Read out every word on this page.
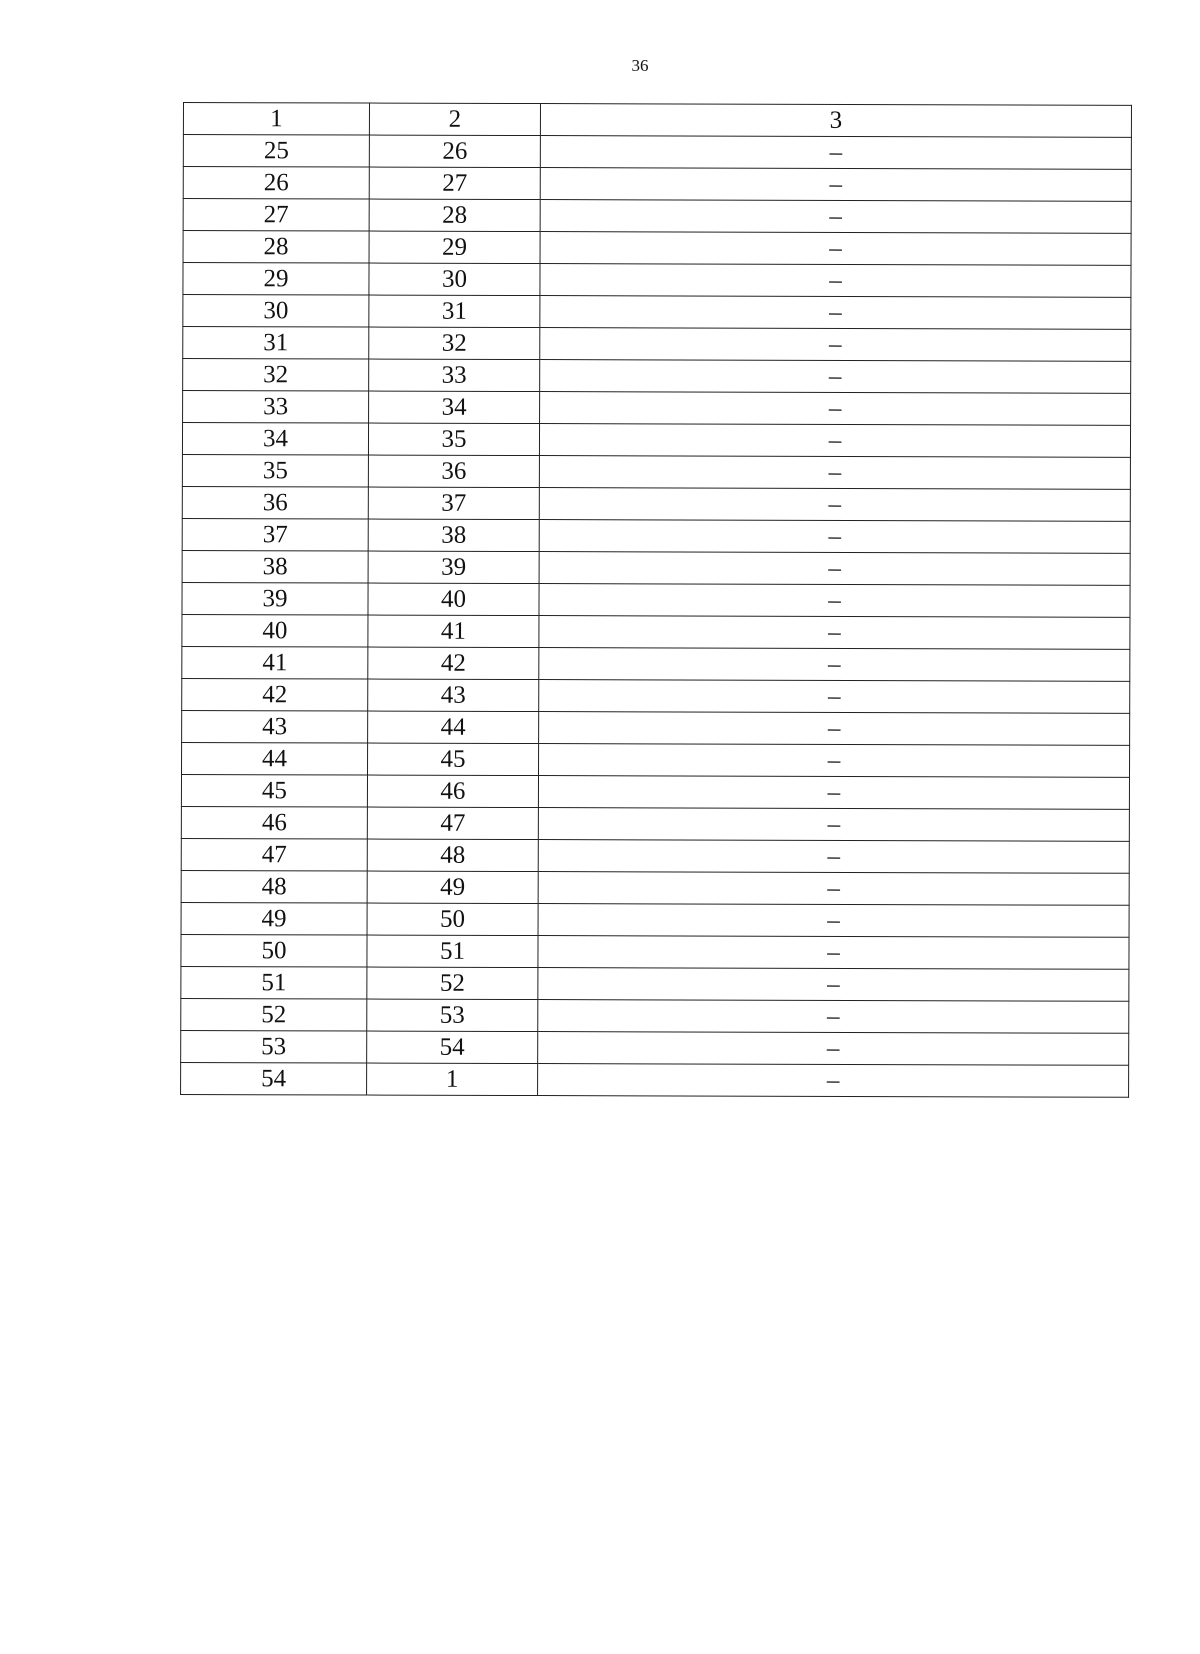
36
1	2	3
25	26	–
26	27	–
27	28	–
28	29	–
29	30	–
30	31	–
31	32	–
32	33	–
33	34	–
34	35	–
35	36	–
36	37	–
37	38	–
38	39	–
39	40	–
40	41	–
41	42	–
42	43	–
43	44	–
44	45	–
45	46	–
46	47	–
47	48	–
48	49	–
49	50	–
50	51	–
51	52	–
52	53	–
53	54	–
54	1	–
